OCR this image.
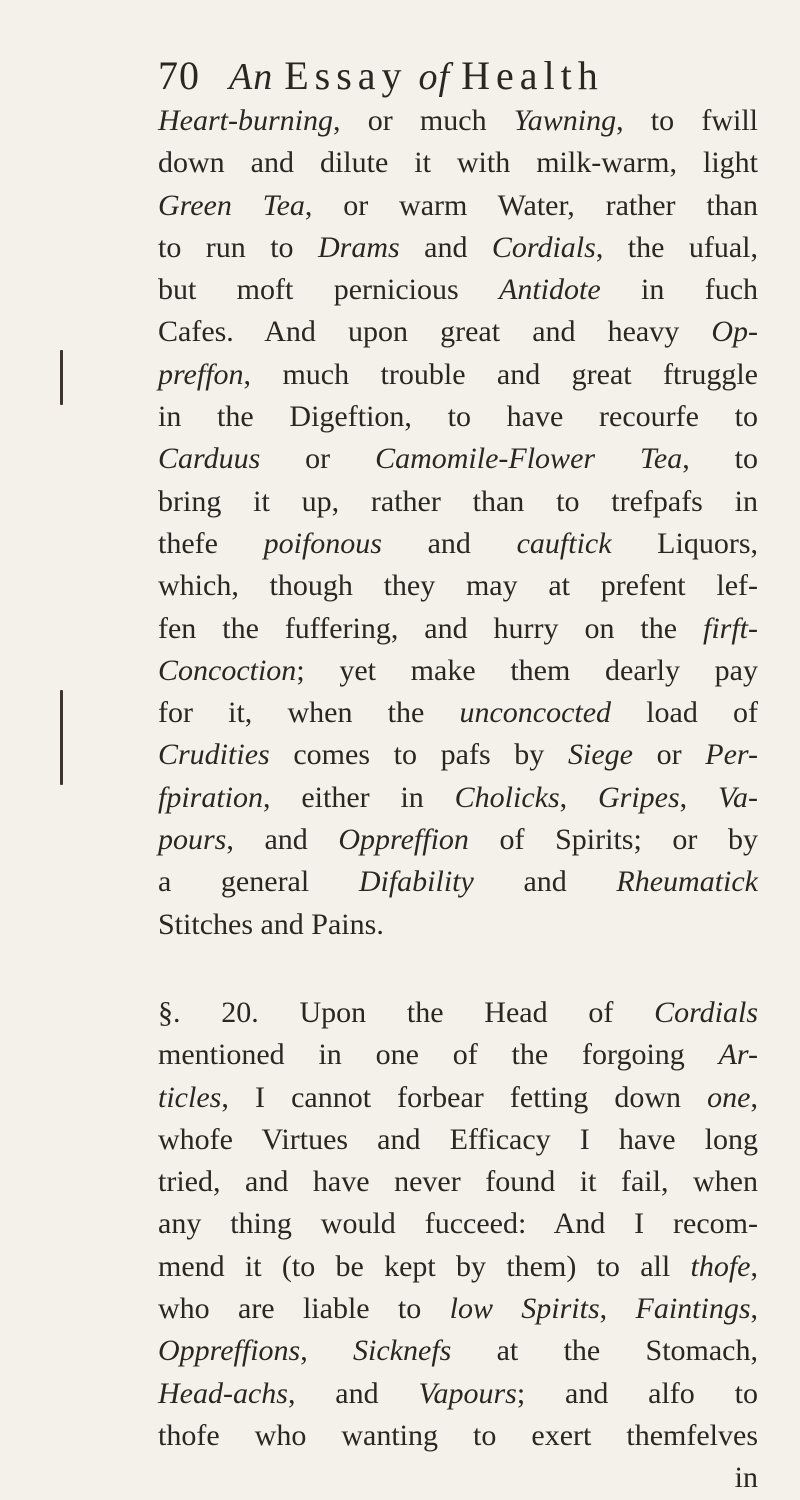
70 An Essay of Health
Heart-burning, or much Yawning, to fwill
down and dilute it with milk-warm, light
Green Tea, or warm Water, rather than
to run to Drams and Cordials, the ufual,
but moft pernicious Antidote in fuch
Cafes. And upon great and heavy Op-
preffon, much trouble and great ftruggle
in the Digeftion, to have recourfe to
Carduus or Camomile-Flower Tea, to
bring it up, rather than to trefpafs in
thefe poifonous and cauftick Liquors,
which, though they may at prefent lef-
fen the fuffering, and hurry on the firft-
Concoction; yet make them dearly pay
for it, when the unconcocted load of
Crudities comes to pafs by Siege or Per-
fpiration, either in Cholicks, Gripes, Va-
pours, and Oppreffion of Spirits; or by
a general Difability and Rheumatick
Stitches and Pains.
§. 20. Upon the Head of Cordials
mentioned in one of the forgoing Ar-
ticles, I cannot forbear fetting down one,
whofe Virtues and Efficacy I have long
tried, and have never found it fail, when
any thing would fucceed: And I recom-
mend it (to be kept by them) to all thofe,
who are liable to low Spirits, Faintings,
Oppreffions, Sicknefs at the Stomach,
Head-achs, and Vapours; and alfo to
thofe who wanting to exert themfelves
in
